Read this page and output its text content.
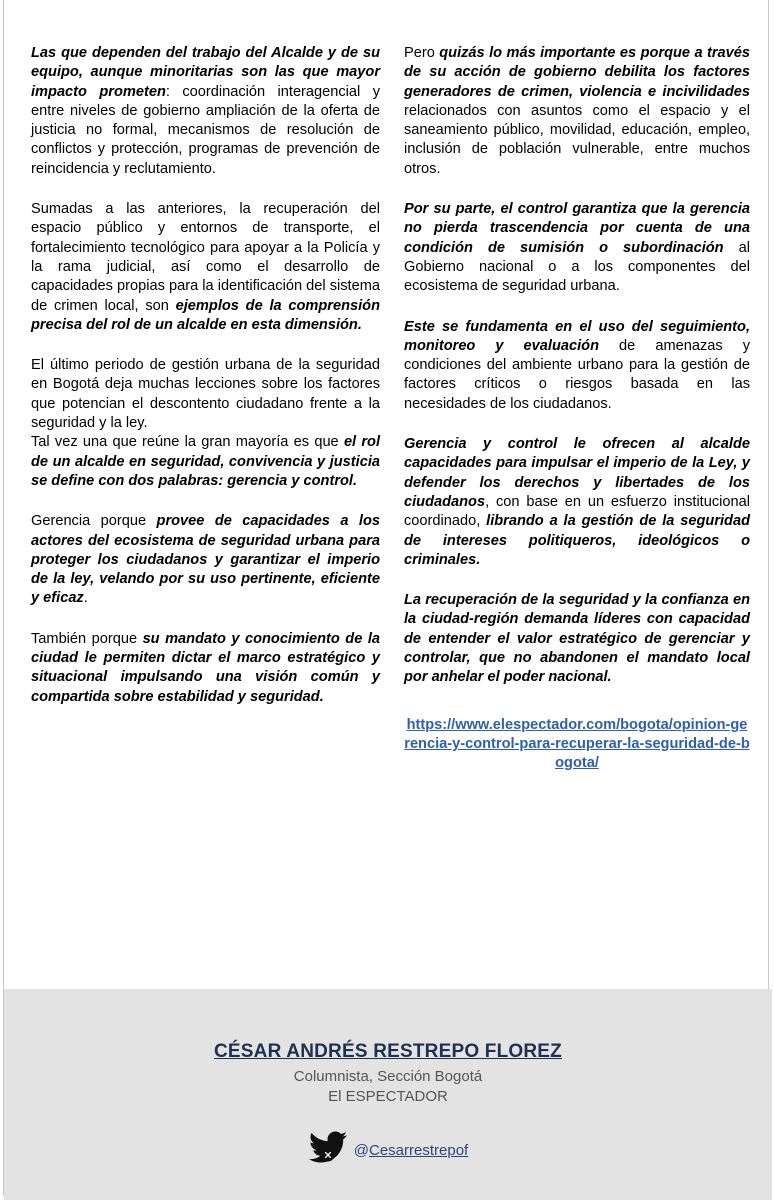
Las que dependen del trabajo del Alcalde y de su equipo, aunque minoritarias son las que mayor impacto prometen: coordinación interagencial y entre niveles de gobierno ampliación de la oferta de justicia no formal, mecanismos de resolución de conflictos y protección, programas de prevención de reincidencia y reclutamiento.

Sumadas a las anteriores, la recuperación del espacio público y entornos de transporte, el fortalecimiento tecnológico para apoyar a la Policía y la rama judicial, así como el desarrollo de capacidades propias para la identificación del sistema de crimen local, son ejemplos de la comprensión precisa del rol de un alcalde en esta dimensión.

El último periodo de gestión urbana de la seguridad en Bogotá deja muchas lecciones sobre los factores que potencian el descontento ciudadano frente a la seguridad y la ley.

Tal vez una que reúne la gran mayoría es que el rol de un alcalde en seguridad, convivencia y justicia se define con dos palabras: gerencia y control.

Gerencia porque provee de capacidades a los actores del ecosistema de seguridad urbana para proteger los ciudadanos y garantizar el imperio de la ley, velando por su uso pertinente, eficiente y eficaz.

También porque su mandato y conocimiento de la ciudad le permiten dictar el marco estratégico y situacional impulsando una visión común y compartida sobre estabilidad y seguridad.

Pero quizás lo más importante es porque a través de su acción de gobierno debilita los factores generadores de crimen, violencia e incivilidades relacionados con asuntos como el espacio y el saneamiento público, movilidad, educación, empleo, inclusión de población vulnerable, entre muchos otros.

Por su parte, el control garantiza que la gerencia no pierda trascendencia por cuenta de una condición de sumisión o subordinación al Gobierno nacional o a los componentes del ecosistema de seguridad urbana.

Este se fundamenta en el uso del seguimiento, monitoreo y evaluación de amenazas y condiciones del ambiente urbano para la gestión de factores críticos o riesgos basada en las necesidades de los ciudadanos.

Gerencia y control le ofrecen al alcalde capacidades para impulsar el imperio de la Ley, y defender los derechos y libertades de los ciudadanos, con base en un esfuerzo institucional coordinado, librando a la gestión de la seguridad de intereses politiqueros, ideológicos o criminales.

La recuperación de la seguridad y la confianza en la ciudad-región demanda líderes con capacidad de entender el valor estratégico de gerenciar y controlar, que no abandonen el mandato local por anhelar el poder nacional.

https://www.elespectador.com/bogota/opinion-gerencia-y-control-para-recuperar-la-seguridad-de-bogota/
CÉSAR ANDRÉS RESTREPO FLOREZ
Columnista, Sección Bogotá
El ESPECTADOR
@Cesarrestrepof
